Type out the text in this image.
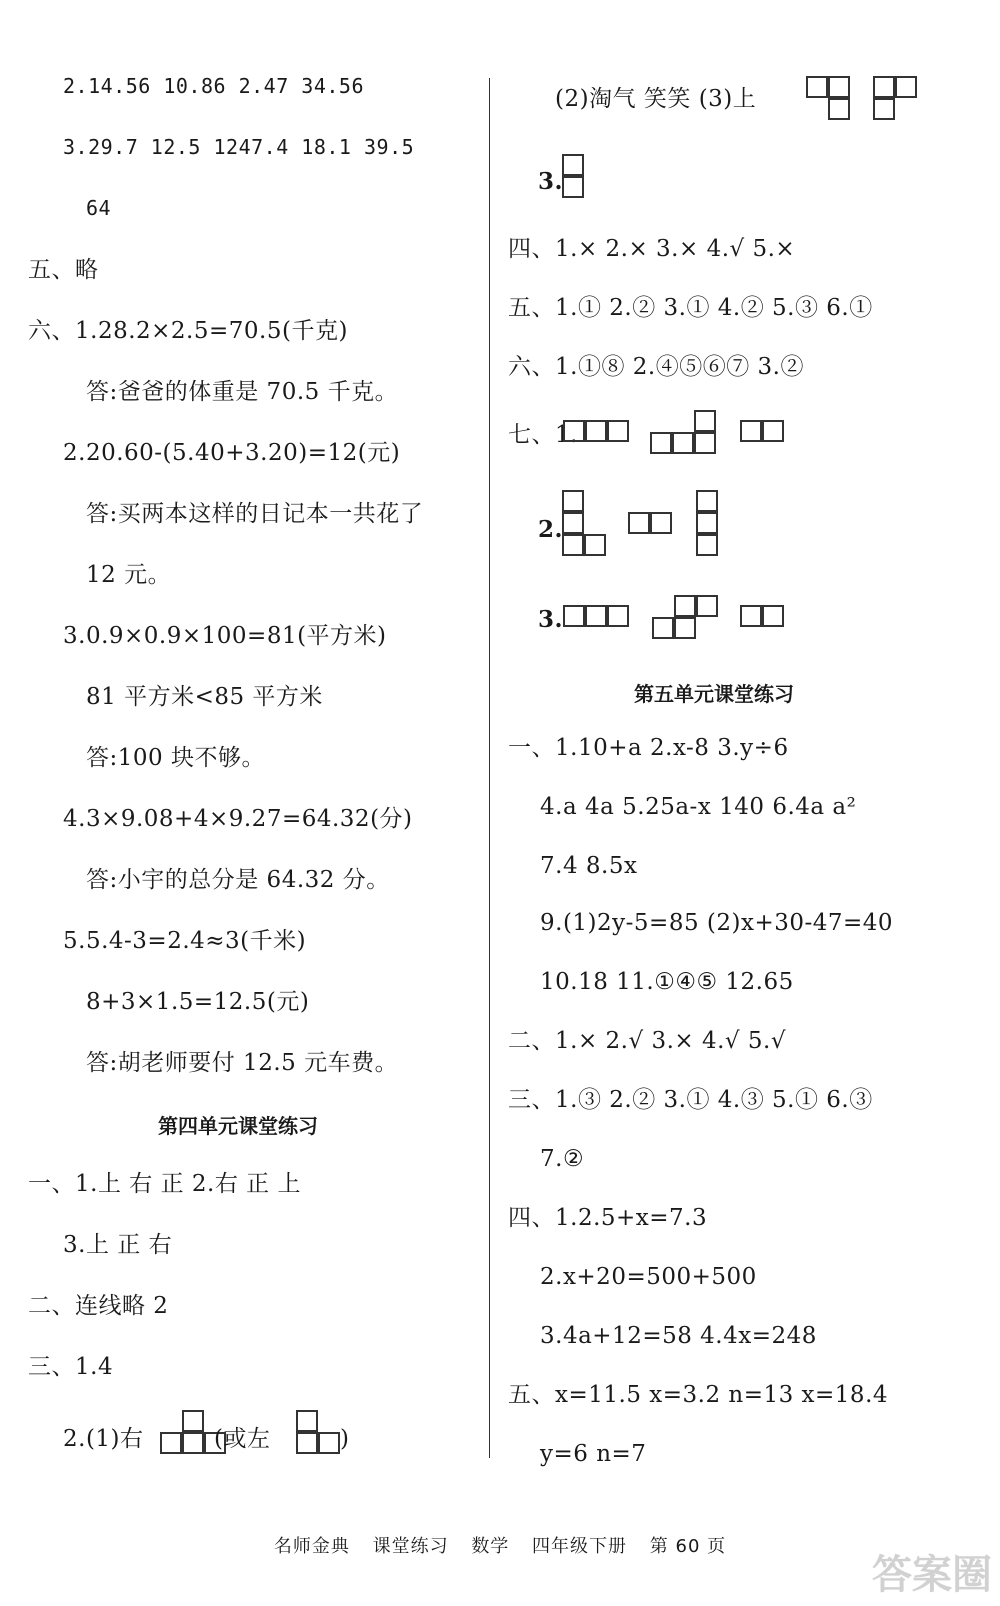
2.14.56 10.86 2.47 34.56
3.29.7 12.5 1247.4 18.1 39.5
64
五、略
六、1.28.2×2.5=70.5(千克)
答:爸爸的体重是 70.5 千克。
2.20.60-(5.40+3.20)=12(元)
答:买两本这样的日记本一共花了
12 元。
3.0.9×0.9×100=81(平方米)
81 平方米<85 平方米
答:100 块不够。
4.3×9.08+4×9.27=64.32(分)
答:小宇的总分是 64.32 分。
5.5.4-3=2.4≈3(千米)
8+3×1.5=12.5(元)
答:胡老师要付 12.5 元车费。
第四单元课堂练习
一、1.上 右 正 2.右 正 上
3.上 正 右
二、连线略 2
三、1.4
2.(1)右	(或左	)
(2)淘气 笑笑 (3)上
3.
四、1.× 2.× 3.× 4.√ 5.×
五、1.① 2.② 3.① 4.② 5.③ 6.①
六、1.①⑧ 2.④⑤⑥⑦ 3.②
七、1.
2.
3.
第五单元课堂练习
一、1.10+a 2.x-8 3.y÷6
4.a 4a 5.25a-x 140 6.4a a²
7.4 8.5x
9.(1)2y-5=85 (2)x+30-47=40
10.18 11.①④⑤ 12.65
二、1.× 2.√ 3.× 4.√ 5.√
三、1.③ 2.② 3.① 4.③ 5.① 6.③
7.②
四、1.2.5+x=7.3
2.x+20=500+500
3.4a+12=58 4.4x=248
五、x=11.5 x=3.2 n=13 x=18.4
y=6 n=7
名师金典 课堂练习 数学 四年级下册 第 60 页
答案圈
